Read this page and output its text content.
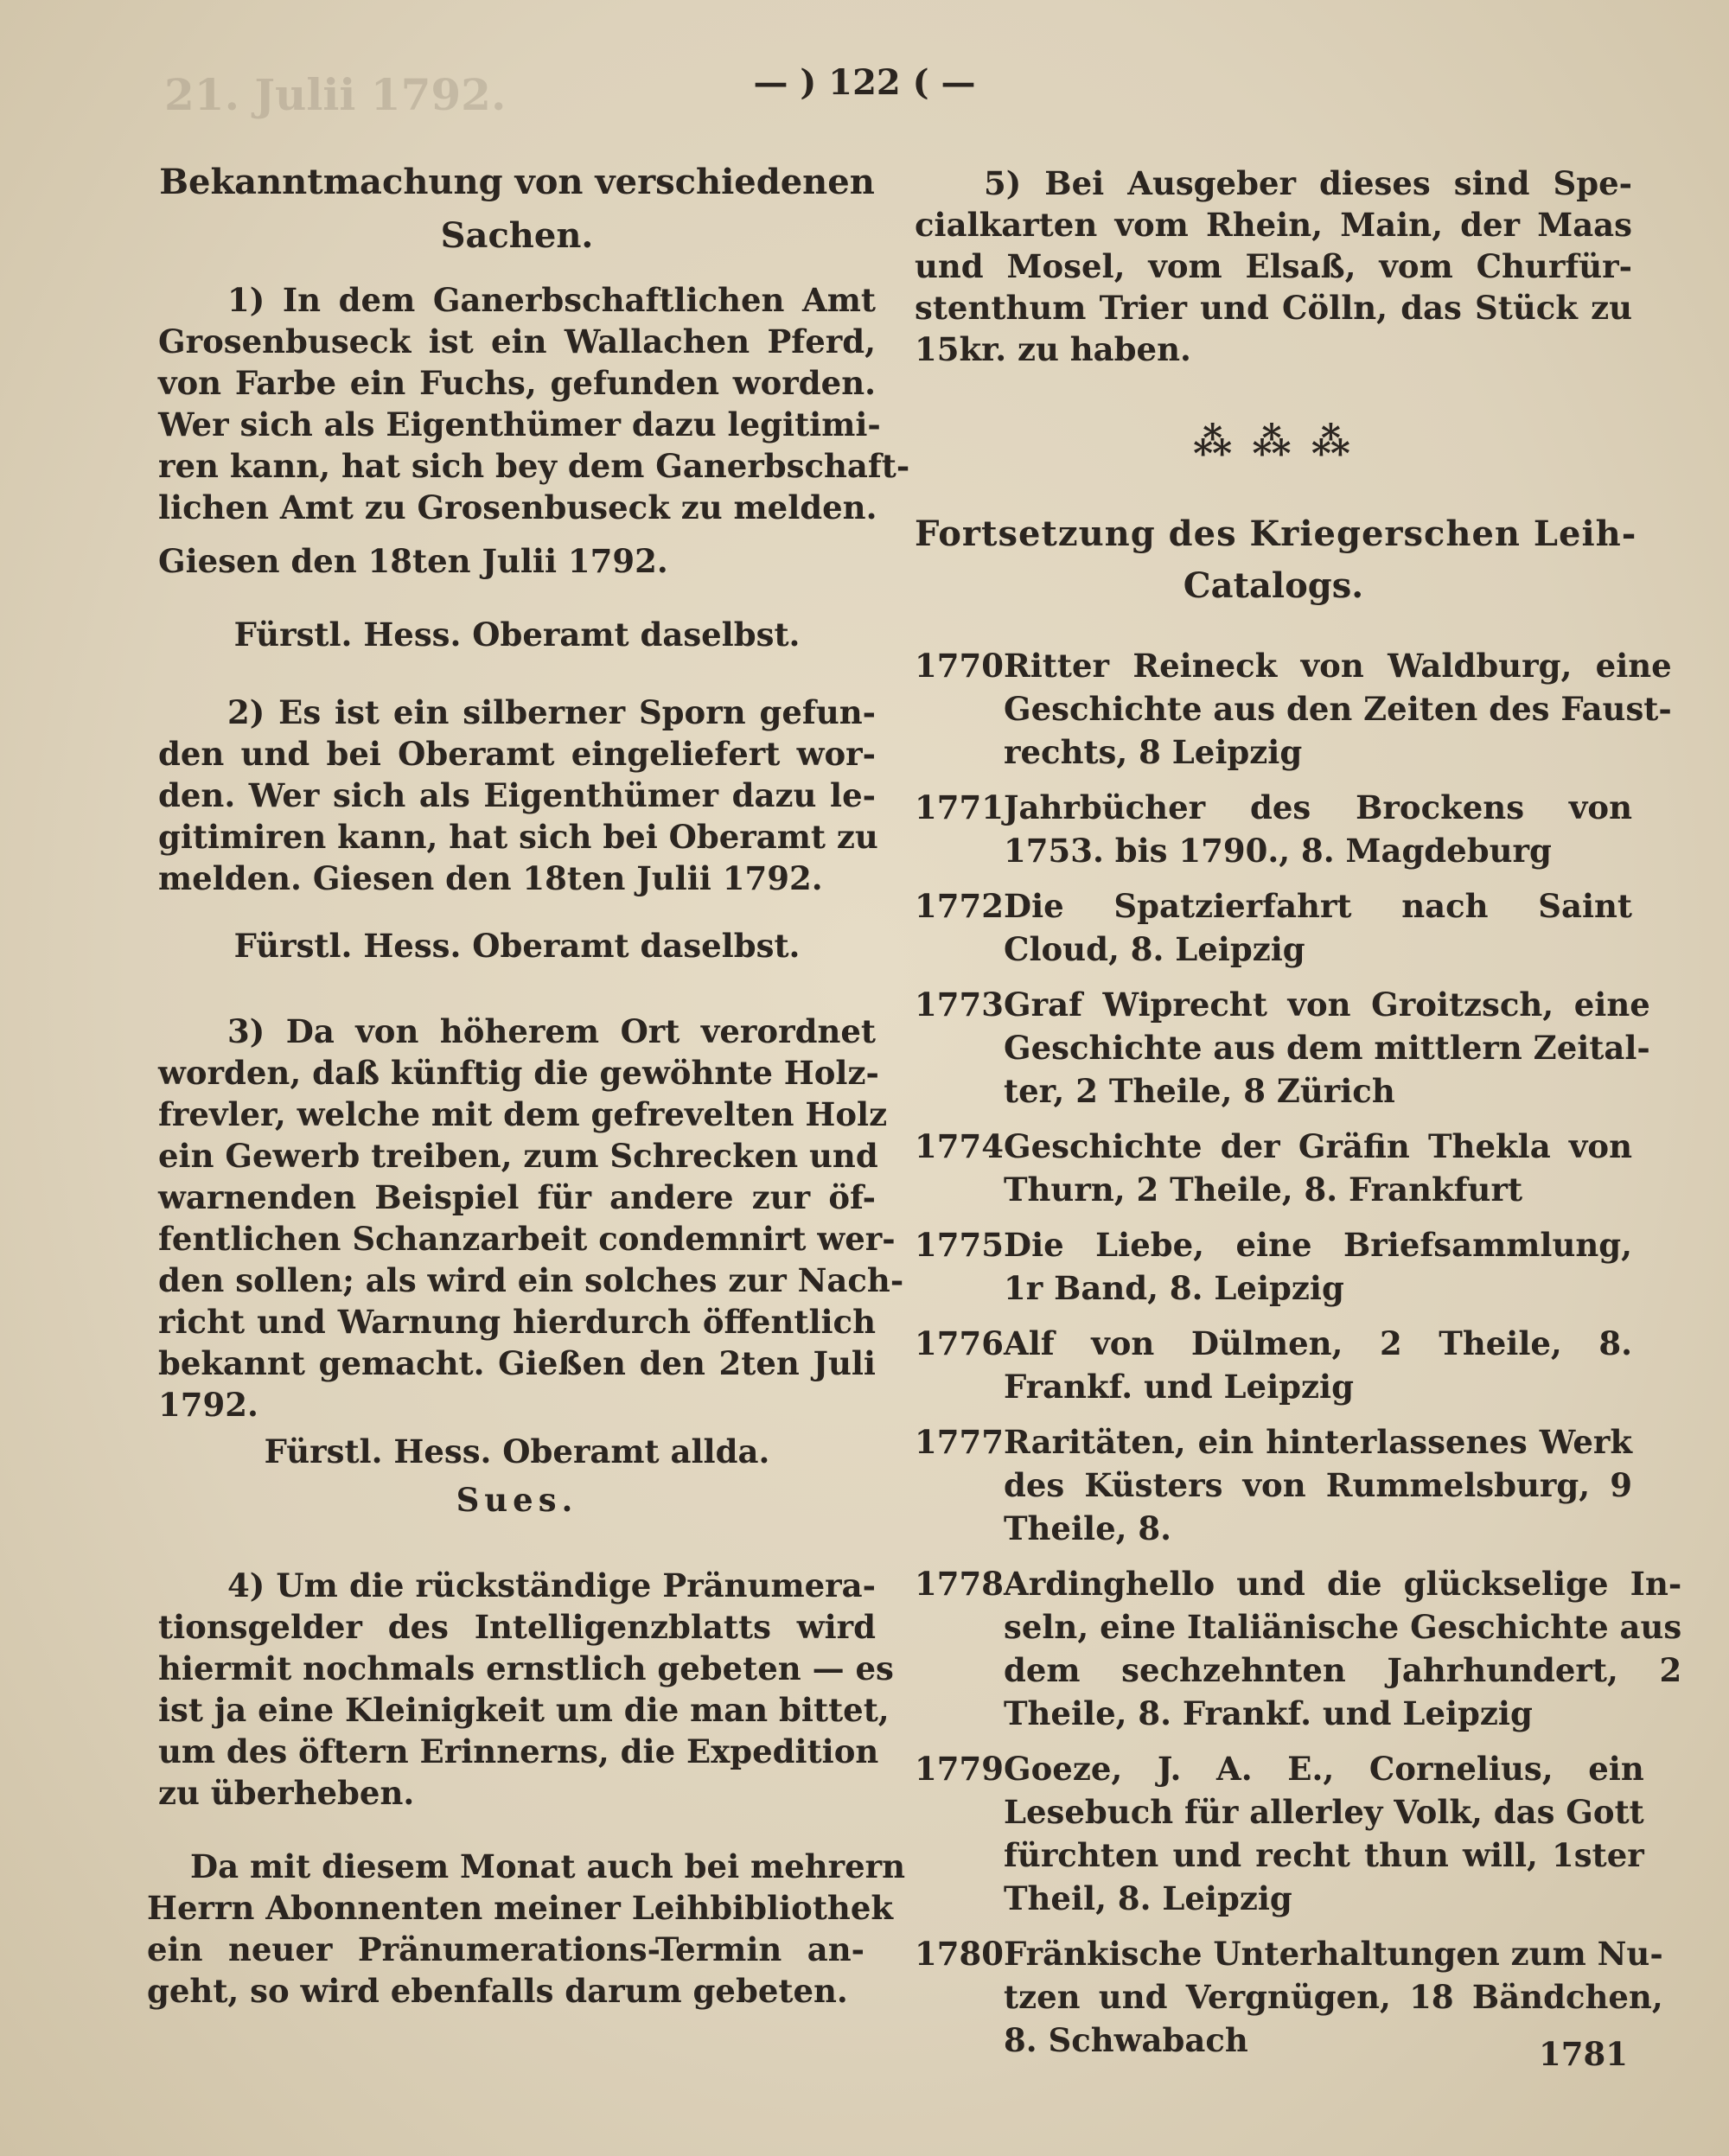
21. Julii 1792.	— ) 122 ( —
Bekanntmachung von verschiedenen
Sachen.
1) In dem Ganerbschaftlichen Amt
Grosenbuseck ist ein Wallachen Pferd,
von Farbe ein Fuchs, gefunden worden.
Wer sich als Eigenthümer dazu legitimi-
ren kann, hat sich bey dem Ganerbschaft-
lichen Amt zu Grosenbuseck zu melden.
Giesen den 18ten Julii 1792.
Fürstl. Hess. Oberamt daselbst.
2) Es ist ein silberner Sporn gefun-
den und bei Oberamt eingeliefert wor-
den. Wer sich als Eigenthümer dazu le-
gitimiren kann, hat sich bei Oberamt zu
melden. Giesen den 18ten Julii 1792.
Fürstl. Hess. Oberamt daselbst.
3) Da von höherem Ort verordnet
worden, daß künftig die gewöhnte Holz-
frevler, welche mit dem gefrevelten Holz
ein Gewerb treiben, zum Schrecken und
warnenden Beispiel für andere zur öf-
fentlichen Schanzarbeit condemnirt wer-
den sollen; als wird ein solches zur Nach-
richt und Warnung hierdurch öffentlich
bekannt gemacht. Gießen den 2ten Juli
1792.
Fürstl. Hess. Oberamt allda.
Sues.
4) Um die rückständige Pränumera-
tionsgelder des Intelligenzblatts wird
hiermit nochmals ernstlich gebeten — es
ist ja eine Kleinigkeit um die man bittet,
um des öftern Erinnerns, die Expedition
zu überheben.
Da mit diesem Monat auch bei mehrern
Herrn Abonnenten meiner Leihbibliothek
ein neuer Pränumerations-Termin an-
geht, so wird ebenfalls darum gebeten.
5) Bei Ausgeber dieses sind Spe-
cialkarten vom Rhein, Main, der Maas
und Mosel, vom Elsaß, vom Churfür-
stenthum Trier und Cölln, das Stück zu
15kr. zu haben.
⁂ ⁂ ⁂
Fortsetzung des Kriegerschen Leih-
Catalogs.
1770 Ritter Reineck von Waldburg, eine
Geschichte aus den Zeiten des Faust-
rechts, 8 Leipzig
1771 Jahrbücher des Brockens von
1753. bis 1790., 8. Magdeburg
1772 Die Spatzierfahrt nach Saint
Cloud, 8. Leipzig
1773 Graf Wiprecht von Groitzsch, eine
Geschichte aus dem mittlern Zeital-
ter, 2 Theile, 8 Zürich
1774 Geschichte der Gräfin Thekla von
Thurn, 2 Theile, 8. Frankfurt
1775 Die Liebe, eine Briefsammlung,
1r Band, 8. Leipzig
1776 Alf von Dülmen, 2 Theile, 8.
Frankf. und Leipzig
1777 Raritäten, ein hinterlassenes Werk
des Küsters von Rummelsburg, 9
Theile, 8.
1778 Ardinghello und die glückselige In-
seln, eine Italiänische Geschichte aus
dem sechzehnten Jahrhundert, 2
Theile, 8. Frankf. und Leipzig
1779 Goeze, J. A. E., Cornelius, ein
Lesebuch für allerley Volk, das Gott
fürchten und recht thun will, 1ster
Theil, 8. Leipzig
1780 Fränkische Unterhaltungen zum Nu-
tzen und Vergnügen, 18 Bändchen,
8. Schwabach	1781
